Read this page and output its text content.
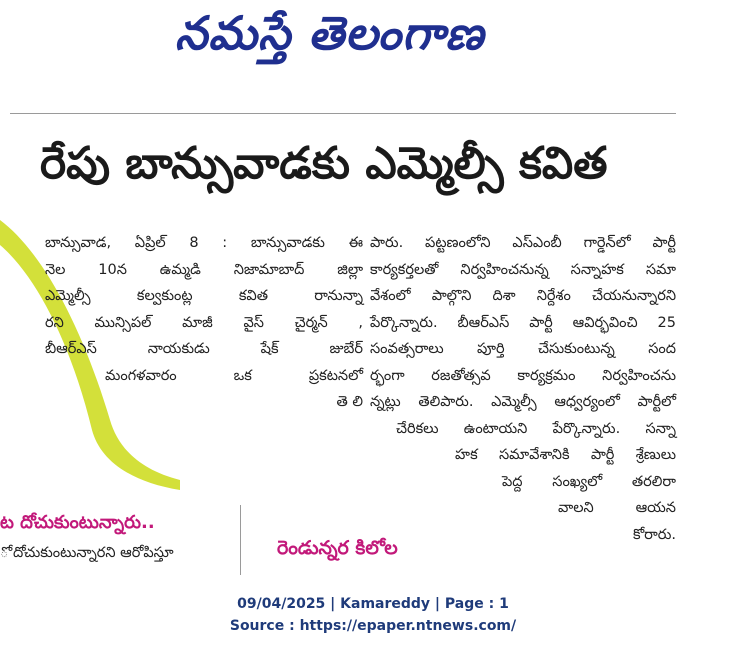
నమస్తే తెలంగాణ
రేపు బాన్సువాడకు ఎమ్మెల్సీ కవిత
బాన్సువాడ, ఏప్రిల్ 8 : బాన్సువాడకు ఈ
నెల 10న ఉమ్మడి నిజామాబాద్ జిల్లా
ఎమ్మెల్సీ కల్వకుంట్ల కవిత రానున్నా
రని మున్సిపల్ మాజీ వైస్ చైర్మన్ ,
బీఆర్ఎస్ నాయకుడు షేక్ జుబేర్
మంగళవారం ఒక ప్రకటనలో
తె లి
పారు. పట్టణంలోని ఎస్ఎంబీ గార్డెన్‌లో పార్టీ
కార్యకర్తలతో నిర్వహించనున్న సన్నాహక సమా
వేశంలో పాల్గొని దిశా నిర్దేశం చేయనున్నారని
పేర్కొన్నారు. బీఆర్ఎస్ పార్టీ ఆవిర్భవించి 25
సంవత్సరాలు పూర్తి చేసుకుంటున్న సంద
ర్భంగా రజతోత్సవ కార్యక్రమం నిర్వహించను
న్నట్లు తెలిపారు. ఎమ్మెల్సీ ఆధ్వర్యంలో పార్టీలో
చేరికలు ఉంటాయని పేర్కొన్నారు. సన్నా
హక సమావేశానికి పార్టీ శ్రేణులు
పెద్ద సంఖ్యలో తరలిరా
వాలని ఆయన
కోరారు.
ట దోచుకుంటున్నారు..
ో దోచుకుంటున్నారని ఆరోపిస్తూ	రెండున్నర కిలోల
09/04/2025 | Kamareddy | Page : 1
Source : https://epaper.ntnews.com/
